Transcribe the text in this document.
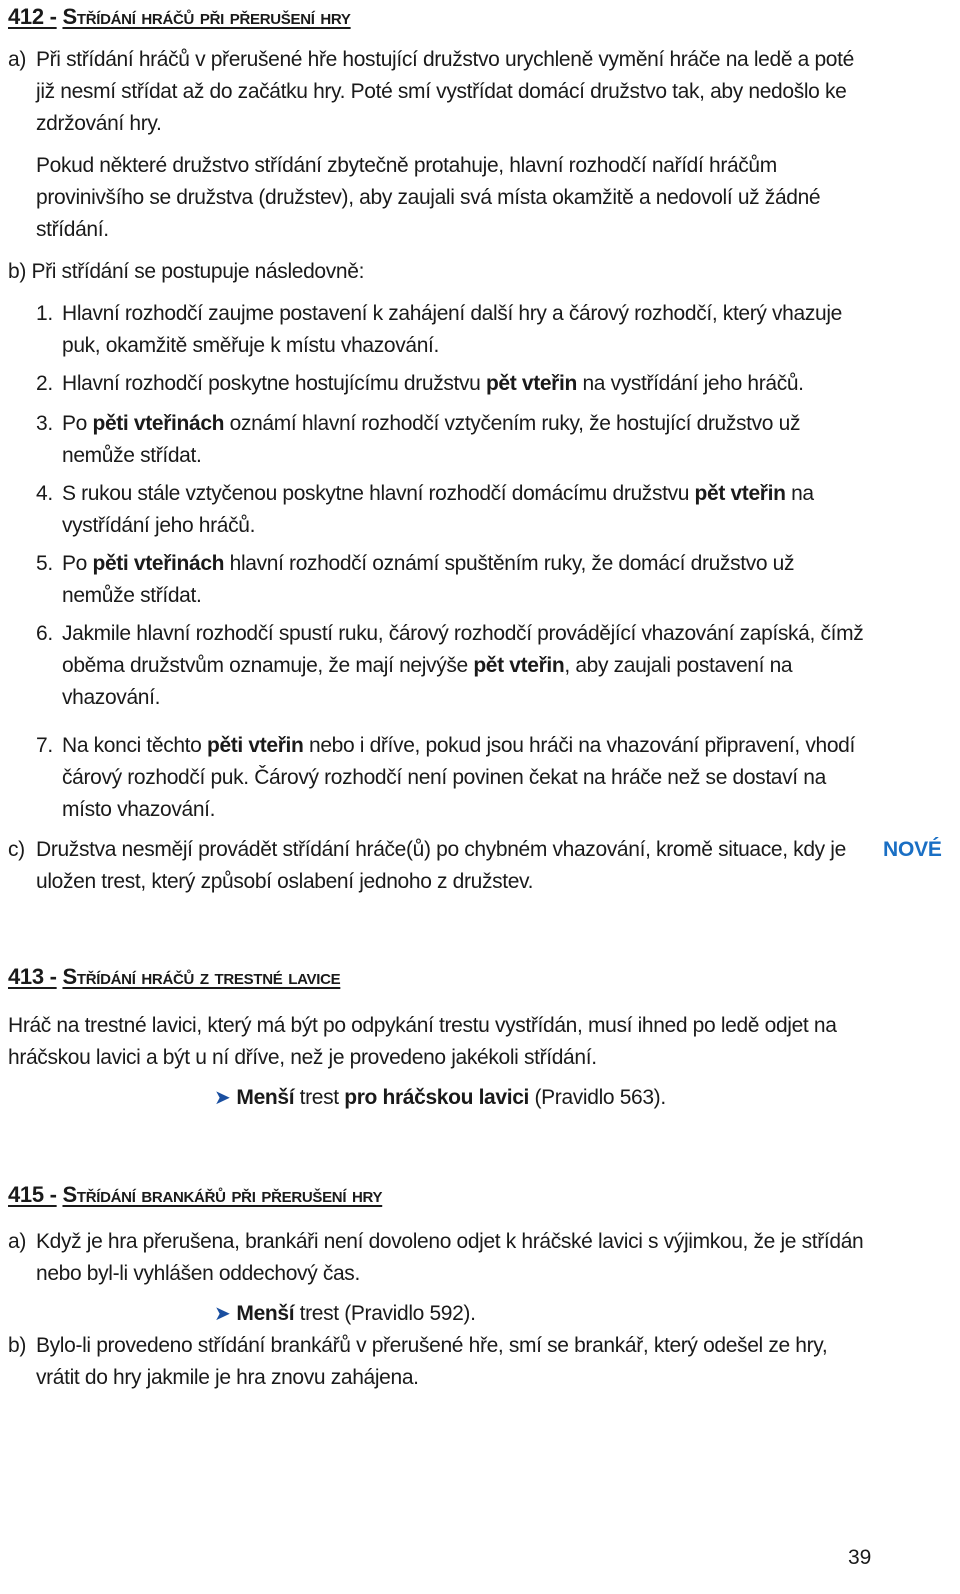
412 - Střídání hráčů při přerušení hry
a) Při střídání hráčů v přerušené hře hostující družstvo urychleně vymění hráče na ledě a poté již nesmí střídat až do začátku hry. Poté smí vystřídat domácí družstvo tak, aby nedošlo ke zdržování hry.

Pokud některé družstvo střídání zbytečně protahuje, hlavní rozhodčí nařídí hráčům provinivšího se družstva (družstev), aby zaujali svá místa okamžitě a nedovolí už žádné střídání.

b) Při střídání se postupuje následovně:

1. Hlavní rozhodčí zaujme postavení k zahájení další hry a čárový rozhodčí, který vhazuje puk, okamžitě směřuje k místu vhazování.

2. Hlavní rozhodčí poskytne hostujícímu družstvu pět vteřin na vystřídání jeho hráčů.

3. Po pěti vteřinách oznámí hlavní rozhodčí vztyčením ruky, že hostující družstvo už nemůže střídat.

4. S rukou stále vztyčenou poskytne hlavní rozhodčí domácímu družstvu pět vteřin na vystřídání jeho hráčů.

5. Po pěti vteřinách hlavní rozhodčí oznámí spuštěním ruky, že domácí družstvo už nemůže střídat.

6. Jakmile hlavní rozhodčí spustí ruku, čárový rozhodčí provádějící vhazování zapíská, čímž oběma družstvům oznamuje, že mají nejvýše pět vteřin, aby zaujali postavení na vhazování.

7. Na konci těchto pěti vteřin nebo i dříve, pokud jsou hráči na vhazování připravení, vhodí čárový rozhodčí puk. Čárový rozhodčí není povinen čekat na hráče než se dostaví na místo vhazování.

c) Družstva nesmějí provádět střídání hráče(ů) po chybném vhazování, kromě situace, kdy je uložen trest, který způsobí oslabení jednoho z družstev.

NOVÉ
413 - Střídání hráčů z trestné lavice

Hráč na trestné lavici, který má být po odpykání trestu vystřídán, musí ihned po ledě odjet na hráčskou lavici a být u ní dříve, než je provedeno jakékoli střídání.

➤ Menší trest pro hráčskou lavici (Pravidlo 563).

415 - Střídání brankářů při přerušení hry
a) Když je hra přerušena, brankáři není dovoleno odjet k hráčské lavici s výjimkou, že je střídán nebo byl-li vyhlášen oddechový čas.

➤ Menší trest (Pravidlo 592).

b) Bylo-li provedeno střídání brankářů v přerušené hře, smí se brankář, který odešel ze hry, vrátit do hry jakmile je hra znovu zahájena.

39
